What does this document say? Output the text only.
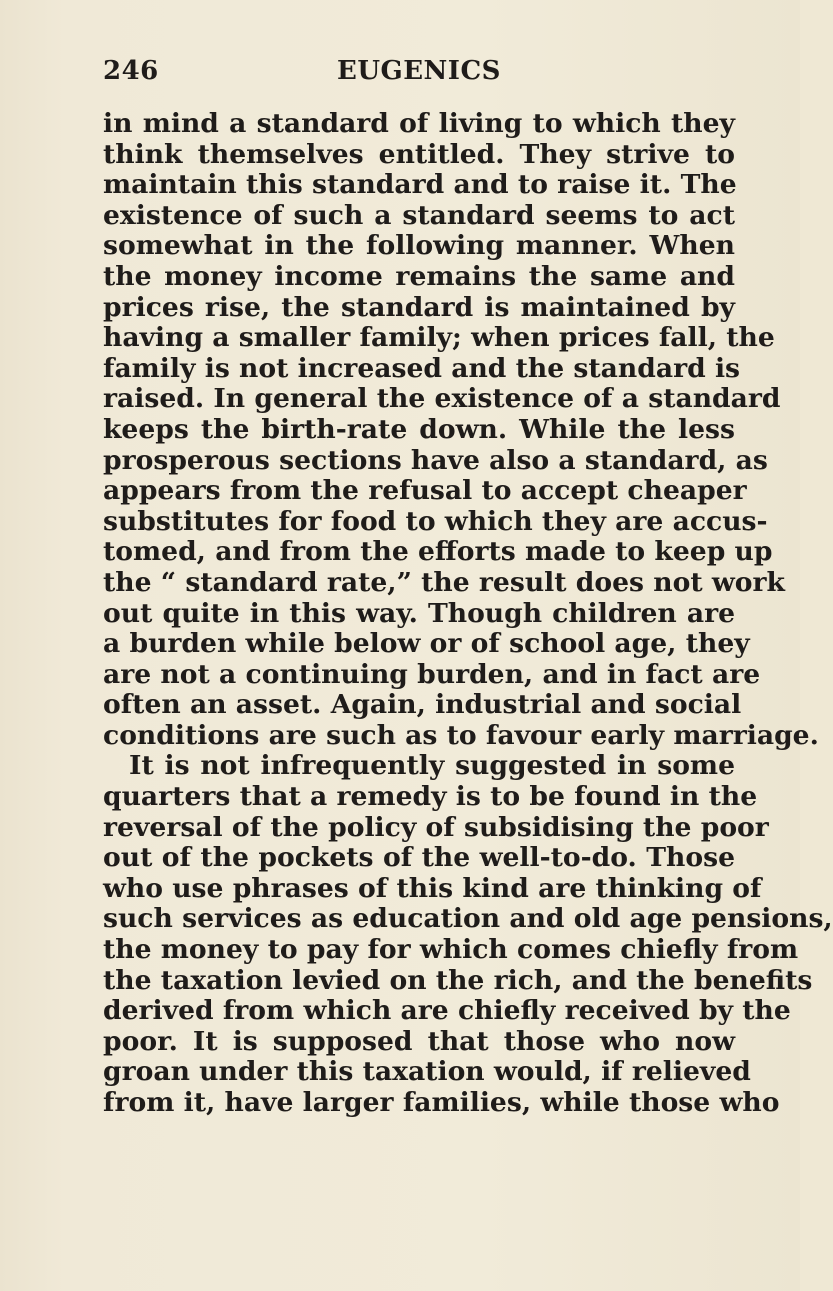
246	EUGENICS
in mind a standard of living to which they
think themselves entitled. They strive to
maintain this standard and to raise it. The
existence of such a standard seems to act
somewhat in the following manner. When
the money income remains the same and
prices rise, the standard is maintained by
having a smaller family; when prices fall, the
family is not increased and the standard is
raised. In general the existence of a standard
keeps the birth-rate down. While the less
prosperous sections have also a standard, as
appears from the refusal to accept cheaper
substitutes for food to which they are accus-
tomed, and from the efforts made to keep up
the “ standard rate,” the result does not work
out quite in this way. Though children are
a burden while below or of school age, they
are not a continuing burden, and in fact are
often an asset. Again, industrial and social
conditions are such as to favour early marriage.
It is not infrequently suggested in some
quarters that a remedy is to be found in the
reversal of the policy of subsidising the poor
out of the pockets of the well-to-do. Those
who use phrases of this kind are thinking of
such services as education and old age pensions,
the money to pay for which comes chiefly from
the taxation levied on the rich, and the benefits
derived from which are chiefly received by the
poor. It is supposed that those who now
groan under this taxation would, if relieved
from it, have larger families, while those who
